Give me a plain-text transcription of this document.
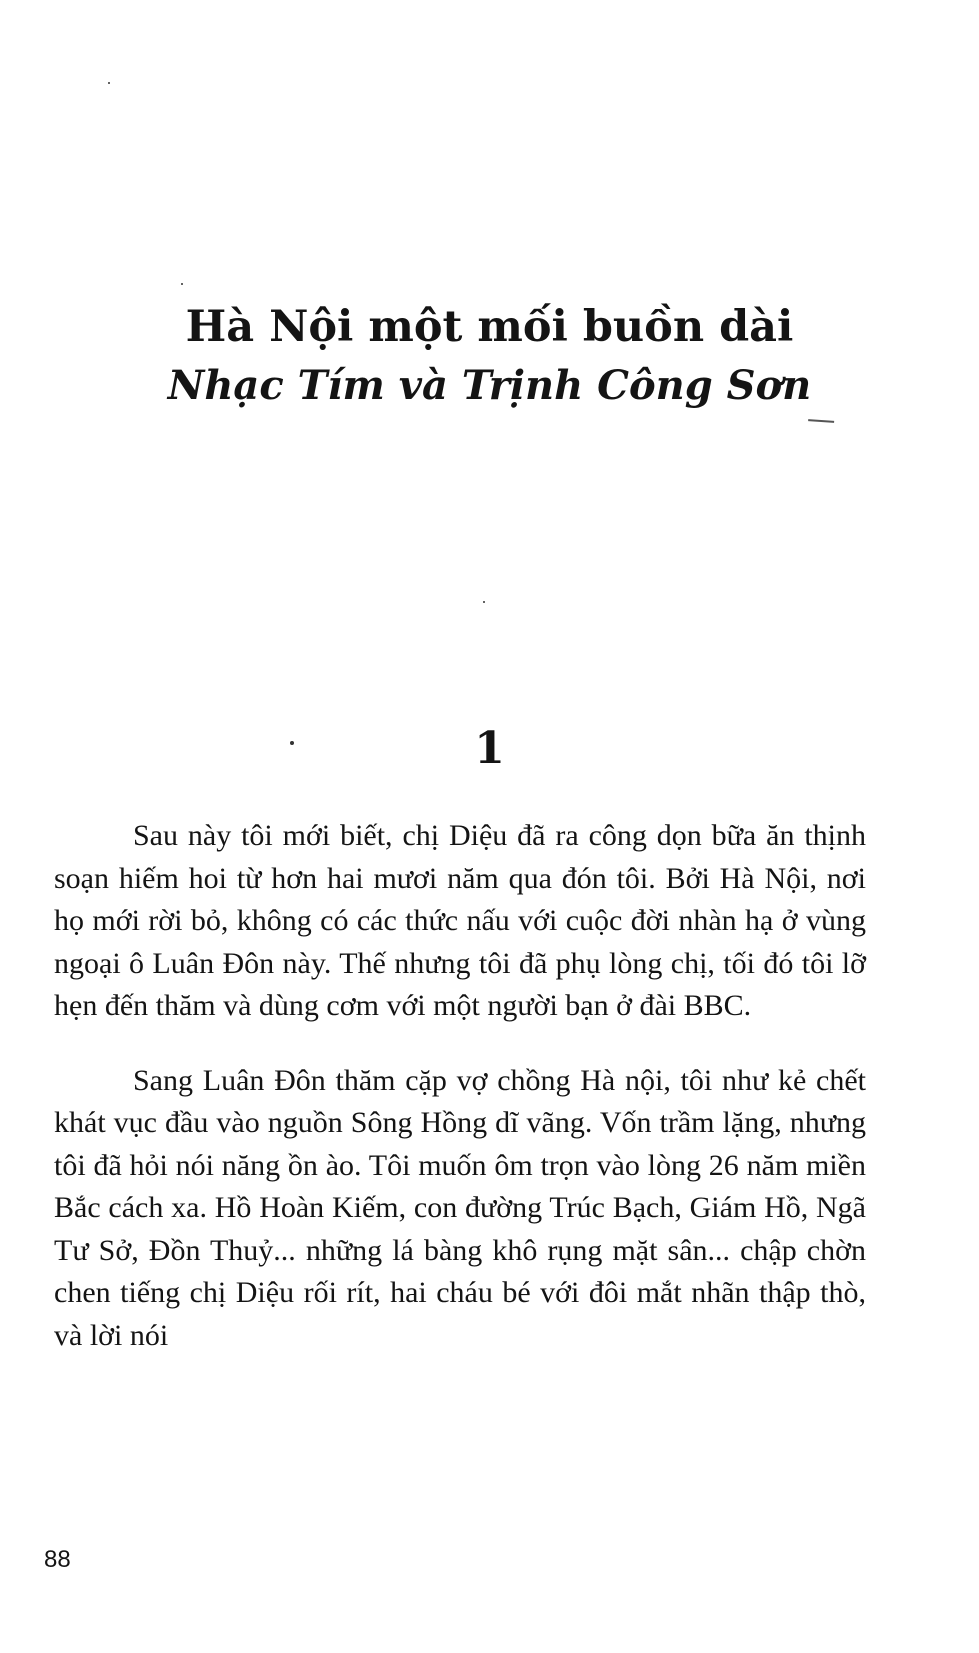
Hà Nội một mối buồn dài
Nhạc Tím và Trịnh Công Sơn
1

Sau này tôi mới biết, chị Diệu đã ra công dọn bữa ăn thịnh soạn hiếm hoi từ hơn hai mươi năm qua đón tôi. Bởi Hà Nội, nơi họ mới rời bỏ, không có các thức nấu với cuộc đời nhàn hạ ở vùng ngoại ô Luân Đôn này. Thế nhưng tôi đã phụ lòng chị, tối đó tôi lỡ hẹn đến thăm và dùng cơm với một người bạn ở đài BBC.

Sang Luân Đôn thăm cặp vợ chồng Hà nội, tôi như kẻ chết khát vục đầu vào nguồn Sông Hồng dĩ vãng. Vốn trầm lặng, nhưng tôi đã hỏi nói năng ồn ào. Tôi muốn ôm trọn vào lòng 26 năm miền Bắc cách xa. Hồ Hoàn Kiếm, con đường Trúc Bạch, Giám Hồ, Ngã Tư Sở, Đồn Thuỷ... những lá bàng khô rụng mặt sân... chập chờn chen tiếng chị Diệu rối rít, hai cháu bé với đôi mắt nhãn thập thò, và lời nói

88
